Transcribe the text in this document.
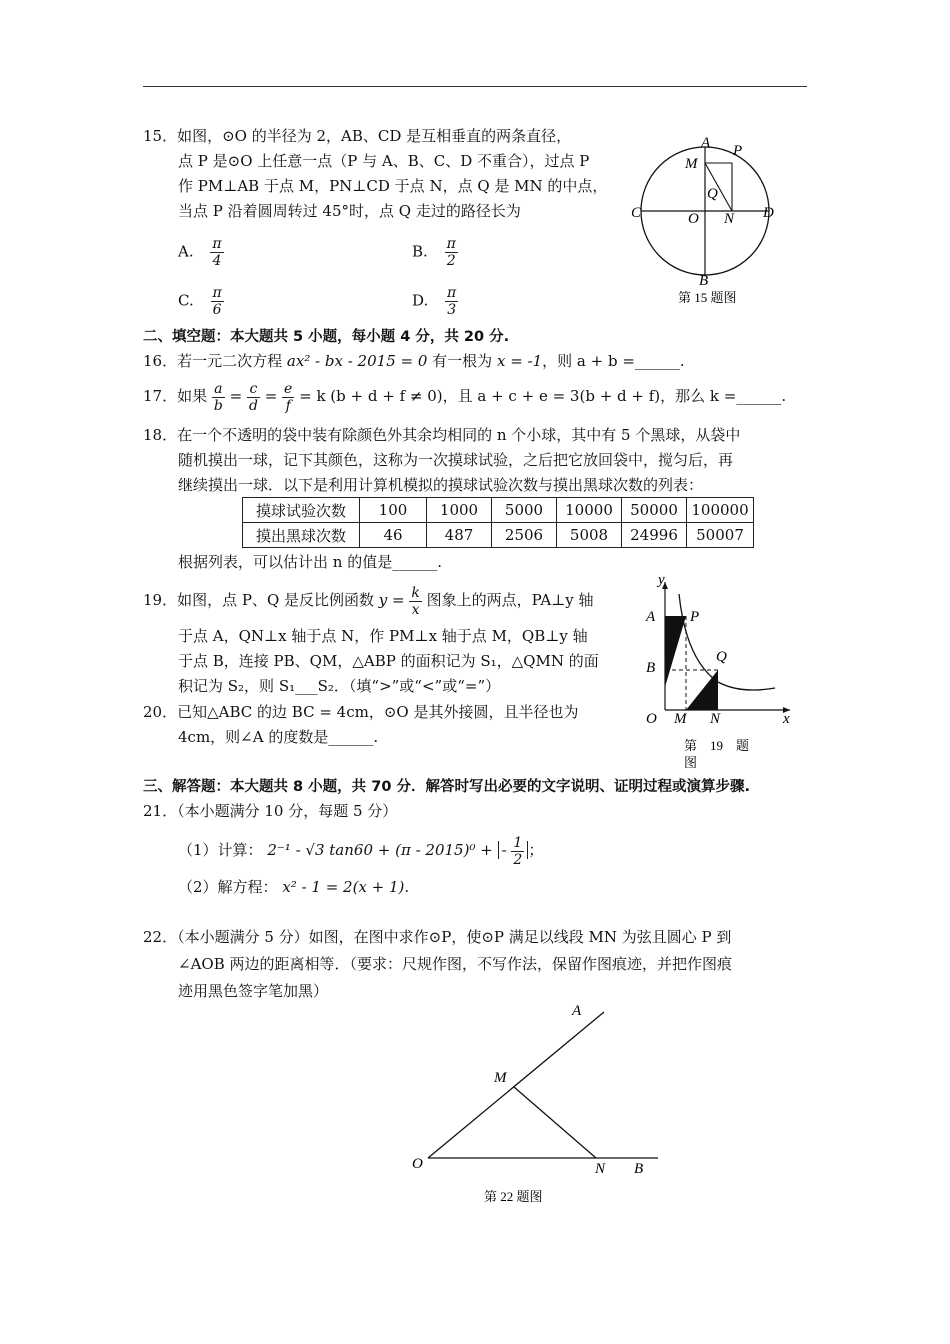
15．如图，⊙O 的半径为 2，AB、CD 是互相垂直的两条直径，
点 P 是⊙O 上任意一点（P 与 A、B、C、D 不重合），过点 P
作 PM⊥AB 于点 M，PN⊥CD 于点 N，点 Q 是 MN 的中点，
当点 P 沿着圆周转过 45°时，点 Q 走过的路径长为
A. $\frac{\pi}{4}$	B. $\frac{\pi}{2}$
C. $\frac{\pi}{6}$	D. $\frac{\pi}{3}$
A P
M
Q
C	O N D
B
第 15 题图
二、填空题：本大题共 5 小题，每小题 4 分，共 20 分.
16．若一元二次方程 ax² - bx - 2015 = 0 有一根为 x = -1，则 a + b =______.
17．如果 $\frac{a}{b} = \frac{c}{d} = \frac{e}{f} = k$ (b + d + f ≠ 0)，且 a + c + e = 3(b + d + f)，那么 k =______.
18．在一个不透明的袋中装有除颜色外其余均相同的 n 个小球，其中有 5 个黑球，从袋中
随机摸出一球，记下其颜色，这称为一次摸球试验，之后把它放回袋中，搅匀后，再
继续摸出一球．以下是利用计算机模拟的摸球试验次数与摸出黑球次数的列表：
摸球试验次数	100	1000	5000	10000	50000	100000
摸出黑球次数	46	487	2506	5008	24996	50007
根据列表，可以估计出 n 的值是______.
19．如图，点 P、Q 是反比例函数 $y = \frac{k}{x}$ 图象上的两点，PA⊥y 轴
于点 A，QN⊥x 轴于点 N，作 PM⊥x 轴于点 M，QB⊥y 轴
于点 B，连接 PB、QM，△ABP 的面积记为 S₁，△QMN 的面
积记为 S₂，则 S₁___S₂．（填“>”或“<”或“=”）
y
x
A P
B
Q
O M N
第　19　题
图
20．已知△ABC 的边 BC = 4cm，⊙O 是其外接圆，且半径也为
4cm，则∠A 的度数是______.
三、解答题：本大题共 8 小题，共 70 分．解答时写出必要的文字说明、证明过程或演算步骤.
21．（本小题满分 10 分，每题 5 分）
（1）计算： 2⁻¹ - √3 tan60 + (π - 2015)⁰ + - $\frac{1}{2}$ ；
（2）解方程： x² - 1 = 2(x + 1).
22．（本小题满分 5 分）如图，在图中求作⊙P，使⊙P 满足以线段 MN 为弦且圆心 P 到
∠AOB 两边的距离相等．（要求：尺规作图，不写作法，保留作图痕迹，并把作图痕
迹用黑色签字笔加黑）
A
M
O	N B
第 22 题图
